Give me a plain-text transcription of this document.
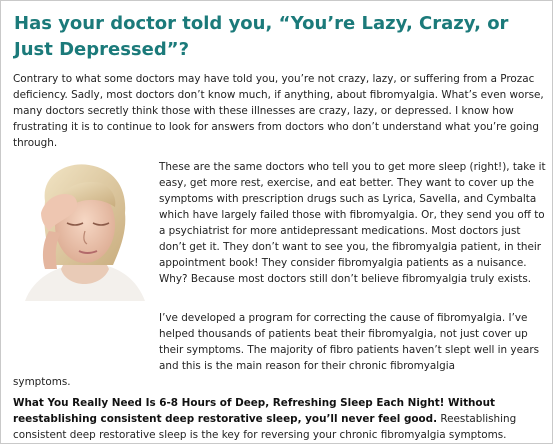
Has your doctor told you, “You’re Lazy, Crazy, or Just Depressed”?

Contrary to what some doctors may have told you, you’re not crazy, lazy, or suffering from a Prozac deficiency. Sadly, most doctors don’t know much, if anything, about fibromyalgia. What’s even worse, many doctors secretly think those with these illnesses are crazy, lazy, or depressed. I know how frustrating it is to continue to look for answers from doctors who don’t understand what you’re going through.

These are the same doctors who tell you to get more sleep (right!), take it easy, get more rest, exercise, and eat better. They want to cover up the symptoms with prescription drugs such as Lyrica, Savella, and Cymbalta which have largely failed those with fibromyalgia. Or, they send you off to a psychiatrist for more antidepressant medications. Most doctors just don’t get it. They don’t want to see you, the fibromyalgia patient, in their appointment book! They consider fibromyalgia patients as a nuisance. Why? Because most doctors still don’t believe fibromyalgia truly exists.

I’ve developed a program for correcting the cause of fibromyalgia. I’ve helped thousands of patients beat their fibromyalgia, not just cover up their symptoms. The majority of fibro patients haven’t slept well in years and this is the main reason for their chronic fibromyalgia

symptoms.

What You Really Need Is 6-8 Hours of Deep, Refreshing Sleep Each Night! Without reestablishing consistent deep restorative sleep, you’ll never feel good. Reestablishing consistent deep restorative sleep is the key for reversing your chronic fibromyalgia symptoms.
